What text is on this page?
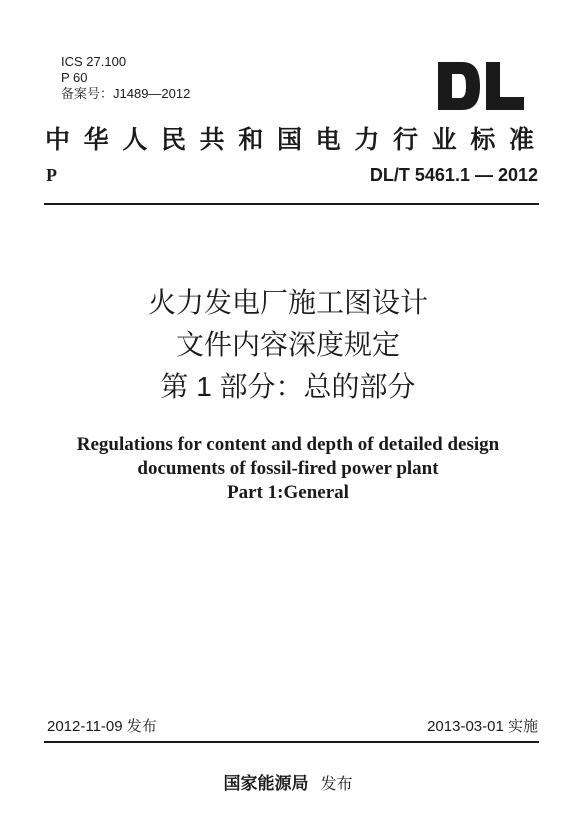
ICS 27.100
P 60
备案号：J1489—2012
中华人民共和国电力行业标准
P	DL/T 5461.1 — 2012
火力发电厂施工图设计
文件内容深度规定
第 1 部分：总的部分
Regulations for content and depth of detailed design
documents of fossil-fired power plant
Part 1:General
2012-11-09 发布	2013-03-01 实施
国家能源局 发布
